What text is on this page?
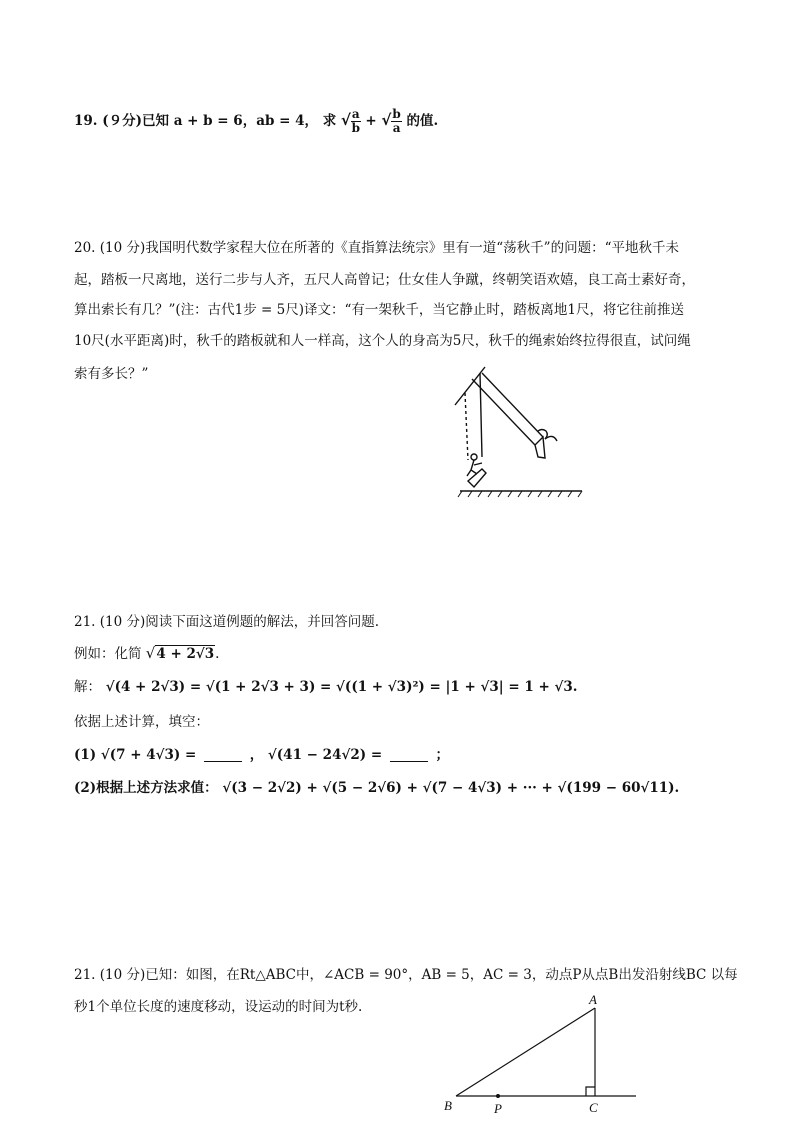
19. (９分)已知 a + b = 6，ab = 4， 求 √ $\frac{a}{b}$ + √ $\frac{b}{a}$ 的值.
20. (10 分)我国明代数学家程大位在所著的《直指算法统宗》里有一道“荡秋千”的问题：“平地秋千未
起，踏板一尺离地，送行二步与人齐，五尺人高曾记；仕女佳人争蹴，终朝笑语欢嬉，良工高士素好奇，
算出索长有几？”(注：古代1步 = 5尺)译文：“有一架秋千，当它静止时，踏板离地1尺，将它往前推送
10尺(水平距离)时，秋千的踏板就和人一样高，这个人的身高为5尺，秋千的绳索始终拉得很直，试问绳
索有多长？”
21. (10 分)阅读下面这道例题的解法，并回答问题.
例如：化简 √4 + 2√3.
解： √(4 + 2√3) = √(1 + 2√3 + 3) = √((1 + √3)²) = |1 + √3| = 1 + √3.
依据上述计算，填空：
(1) √(7 + 4√3) =	， √(41 − 24√2) =	；
(2)根据上述方法求值： √(3 − 2√2) + √(5 − 2√6) + √(7 − 4√3) + ··· + √(199 − 60√11).
21. (10 分)已知：如图，在Rt△ABC中，∠ACB = 90°，AB = 5，AC = 3，动点P从点B出发沿射线BC 以每
秒1个单位长度的速度移动，设运动的时间为t秒.	A
B	C
P
